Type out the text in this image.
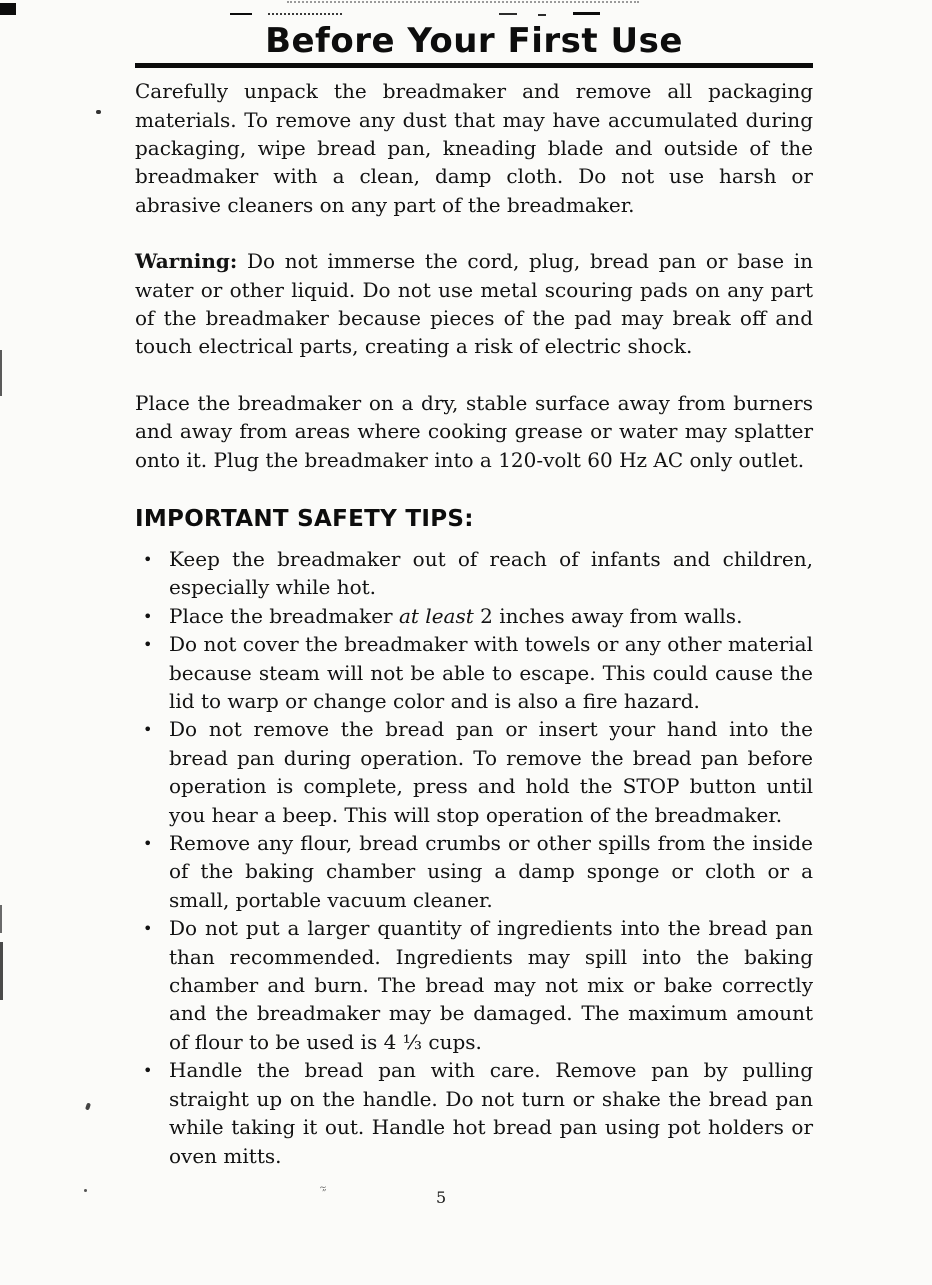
„̴
Before Your First Use

Carefully unpack the breadmaker and remove all packaging materials. To remove any dust that may have accumulated during packaging, wipe bread pan, kneading blade and outside of the breadmaker with a clean, damp cloth. Do not use harsh or abrasive cleaners on any part of the breadmaker.

Warning: Do not immerse the cord, plug, bread pan or base in water or other liquid. Do not use metal scouring pads on any part of the breadmaker because pieces of the pad may break off and touch electrical parts, creating a risk of electric shock.

Place the breadmaker on a dry, stable surface away from burners and away from areas where cooking grease or water may splatter onto it. Plug the breadmaker into a 120-volt 60 Hz AC only outlet.

IMPORTANT SAFETY TIPS:
• Keep the breadmaker out of reach of infants and children, especially while hot.
• Place the breadmaker at least 2 inches away from walls.
• Do not cover the breadmaker with towels or any other material because steam will not be able to escape. This could cause the lid to warp or change color and is also a fire hazard.
• Do not remove the bread pan or insert your hand into the bread pan during operation. To remove the bread pan before operation is complete, press and hold the STOP button until you hear a beep. This will stop operation of the breadmaker.
• Remove any flour, bread crumbs or other spills from the inside of the baking chamber using a damp sponge or cloth or a small, portable vacuum cleaner.
• Do not put a larger quantity of ingredients into the bread pan than recommended. Ingredients may spill into the baking chamber and burn. The bread may not mix or bake correctly and the breadmaker may be damaged. The maximum amount of flour to be used is 4 ⅓ cups.
• Handle the bread pan with care. Remove pan by pulling straight up on the handle. Do not turn or shake the bread pan while taking it out. Handle hot bread pan using pot holders or oven mitts.
5
